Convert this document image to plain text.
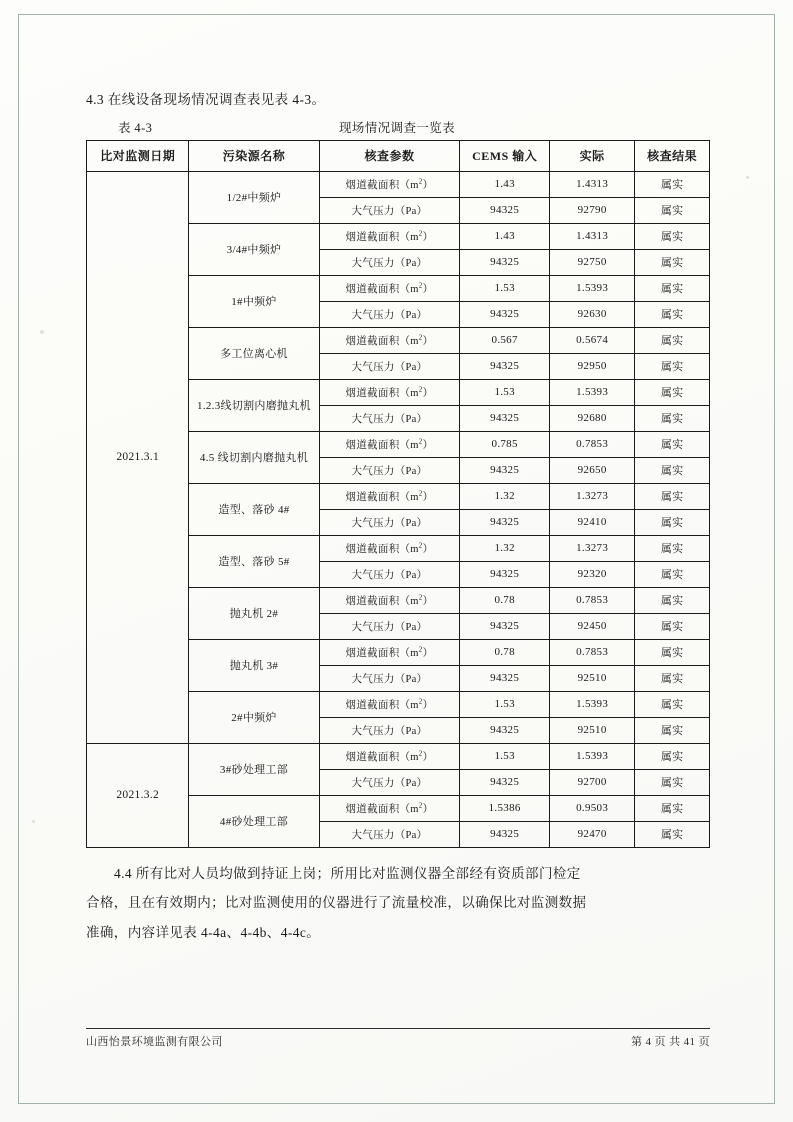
4.3 在线设备现场情况调查表见表 4-3。

表 4-3	现场情况调查一览表
比对监测日期	污染源名称	核查参数	CEMS 输入	实际	核查结果
2021.3.1	1/2#中频炉	烟道截面积$(m^2)$	1.43	1.4313	属实
		大气压力（Pa）	94325	92790	属实
	3/4#中频炉	烟道截面积$(m^2)$	1.43	1.4313	属实
		大气压力（Pa）	94325	92750	属实
	1#中频炉	烟道截面积$(m^2)$	1.53	1.5393	属实
		大气压力（Pa）	94325	92630	属实
	多工位离心机	烟道截面积$(m^2)$	0.567	0.5674	属实
		大气压力（Pa）	94325	92950	属实
	1.2.3线切割内磨抛丸机	烟道截面积$(m^2)$	1.53	1.5393	属实
		大气压力（Pa）	94325	92680	属实
	4.5 线切割内磨抛丸机	烟道截面积$(m^2)$	0.785	0.7853	属实
		大气压力（Pa）	94325	92650	属实
	造型、落砂 4#	烟道截面积$(m^2)$	1.32	1.3273	属实
		大气压力（Pa）	94325	92410	属实
	造型、落砂 5#	烟道截面积$(m^2)$	1.32	1.3273	属实
		大气压力（Pa）	94325	92320	属实
	抛丸机 2#	烟道截面积$(m^2)$	0.78	0.7853	属实
		大气压力（Pa）	94325	92450	属实
	抛丸机 3#	烟道截面积$(m^2)$	0.78	0.7853	属实
		大气压力（Pa）	94325	92510	属实
	2#中频炉	烟道截面积$(m^2)$	1.53	1.5393	属实
		大气压力（Pa）	94325	92510	属实
2021.3.2	3#砂处理工部	烟道截面积$(m^2)$	1.53	1.5393	属实
		大气压力（Pa）	94325	92700	属实
	4#砂处理工部	烟道截面积$(m^2)$	1.5386	0.9503	属实
		大气压力（Pa）	94325	92470	属实

4.4 所有比对人员均做到持证上岗；所用比对监测仪器全部经有资质部门检定

合格，且在有效期内；比对监测使用的仪器进行了流量校准，以确保比对监测数据

准确，内容详见表 4-4a、4-4b、4-4c。

山西怡景环境监测有限公司	第 4 页 共 41 页
